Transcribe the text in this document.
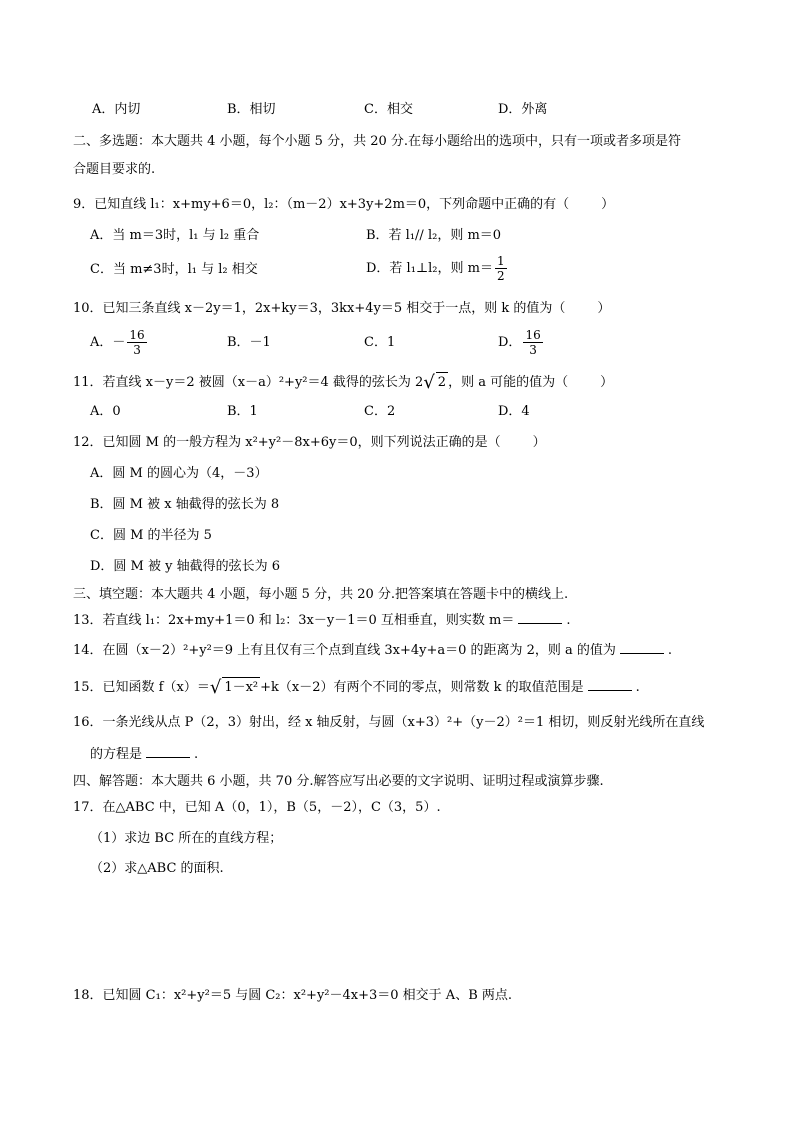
A．内切	B．相切	C．相交	D．外离
二、多选题：本大题共 4 小题，每个小题 5 分，共 20 分.在每小题给出的选项中，只有一项或者多项是符
合题目要求的.
9．已知直线 l₁：x+my+6＝0，l₂：（m－2）x+3y+2m＝0，下列命题中正确的有（ ）
A．当 m＝3时，l₁ 与 l₂ 重合	B．若 l₁// l₂，则 m＝0
C．当 m≠3时，l₁ 与 l₂ 相交	D．若 l₁⊥l₂，则 $m= \frac{1}{2}$
10．已知三条直线 x－2y＝1，2x+ky＝3，3kx+4y＝5 相交于一点，则 k 的值为（ ）
A．－ $\frac{16}{3}$	B．－1	C．1	D． $\frac{16}{3}$
11．若直线 x－y＝2 被圆（x－a）²+y²＝4 截得的弦长为 2√ 2 ，则 a 可能的值为（ ）
A．0	B．1	C．2	D．4
12．已知圆 M 的一般方程为 x²+y²－8x+6y＝0，则下列说法正确的是（ ）
A．圆 M 的圆心为（4，－3）
B．圆 M 被 x 轴截得的弦长为 8
C．圆 M 的半径为 5
D．圆 M 被 y 轴截得的弦长为 6
三、填空题：本大题共 4 小题，每小题 5 分，共 20 分.把答案填在答题卡中的横线上.
13．若直线 l₁：2x+my+1＝0 和 l₂：3x－y－1＝0 互相垂直，则实数 m＝	.
14．在圆（x－2）²+y²＝9 上有且仅有三个点到直线 3x+4y+a＝0 的距离为 2，则 a 的值为	.
15．已知函数 f（x）＝√ 1－x² +k（x－2）有两个不同的零点，则常数 k 的取值范围是	.
16．一条光线从点 P（2，3）射出，经 x 轴反射，与圆（x+3）²+（y－2）²＝1 相切，则反射光线所在直线
的方程是	.
四、解答题：本大题共 6 小题，共 70 分.解答应写出必要的文字说明、证明过程或演算步骤.
17．在△ABC 中，已知 A（0，1），B（5，－2），C（3，5）.
（1）求边 BC 所在的直线方程；
（2）求△ABC 的面积.
18．已知圆 C₁：x²+y²＝5 与圆 C₂：x²+y²－4x+3＝0 相交于 A、B 两点.
